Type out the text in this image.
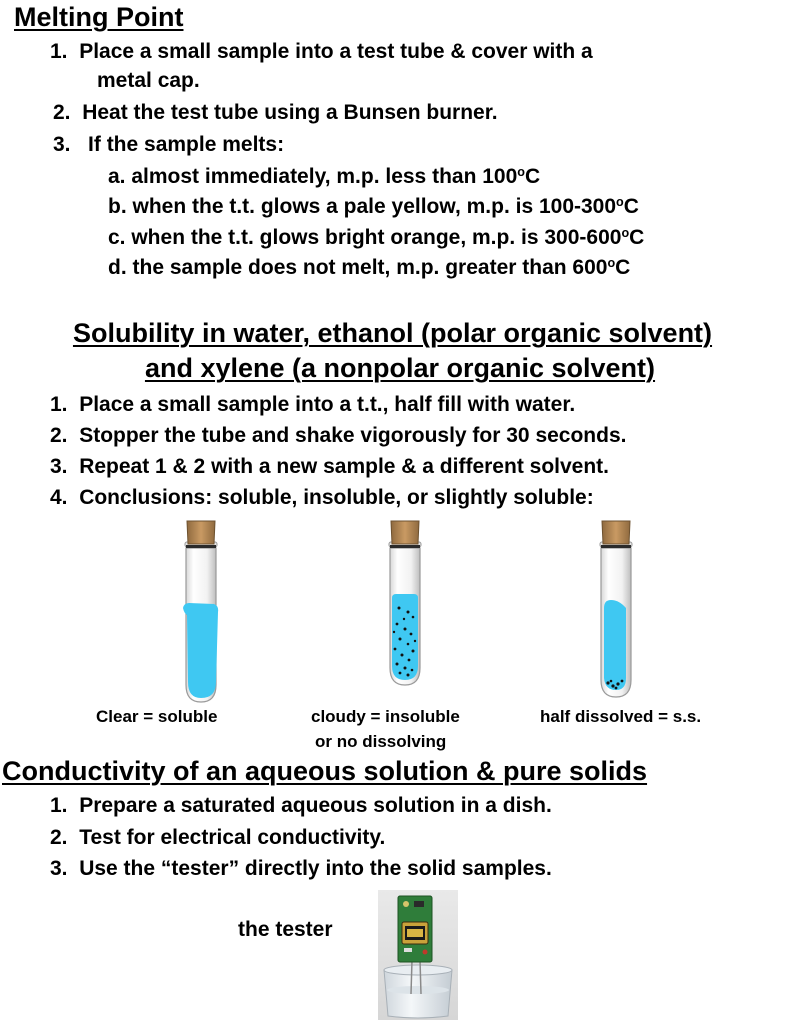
Melting Point
1. Place a small sample into a test tube & cover with a
metal cap.
2. Heat the test tube using a Bunsen burner.
3. If the sample melts:
a. almost immediately, m.p. less than 100$^o$C
b. when the t.t. glows a pale yellow, m.p. is 100-300$^o$C
c. when the t.t. glows bright orange, m.p. is 300-600$^o$C
d. the sample does not melt, m.p. greater than 600$^o$C
Solubility in water, ethanol (polar organic solvent)
and xylene (a nonpolar organic solvent)
1. Place a small sample into a t.t., half fill with water.
2. Stopper the tube and shake vigorously for 30 seconds.
3. Repeat 1 & 2 with a new sample & a different solvent.
4. Conclusions: soluble, insoluble, or slightly soluble:
Clear = soluble	cloudy = insoluble
or no dissolving
half dissolved = s.s.
Conductivity of an aqueous solution & pure solids
1. Prepare a saturated aqueous solution in a dish.
2. Test for electrical conductivity.
3. Use the “tester” directly into the solid samples.
the tester
